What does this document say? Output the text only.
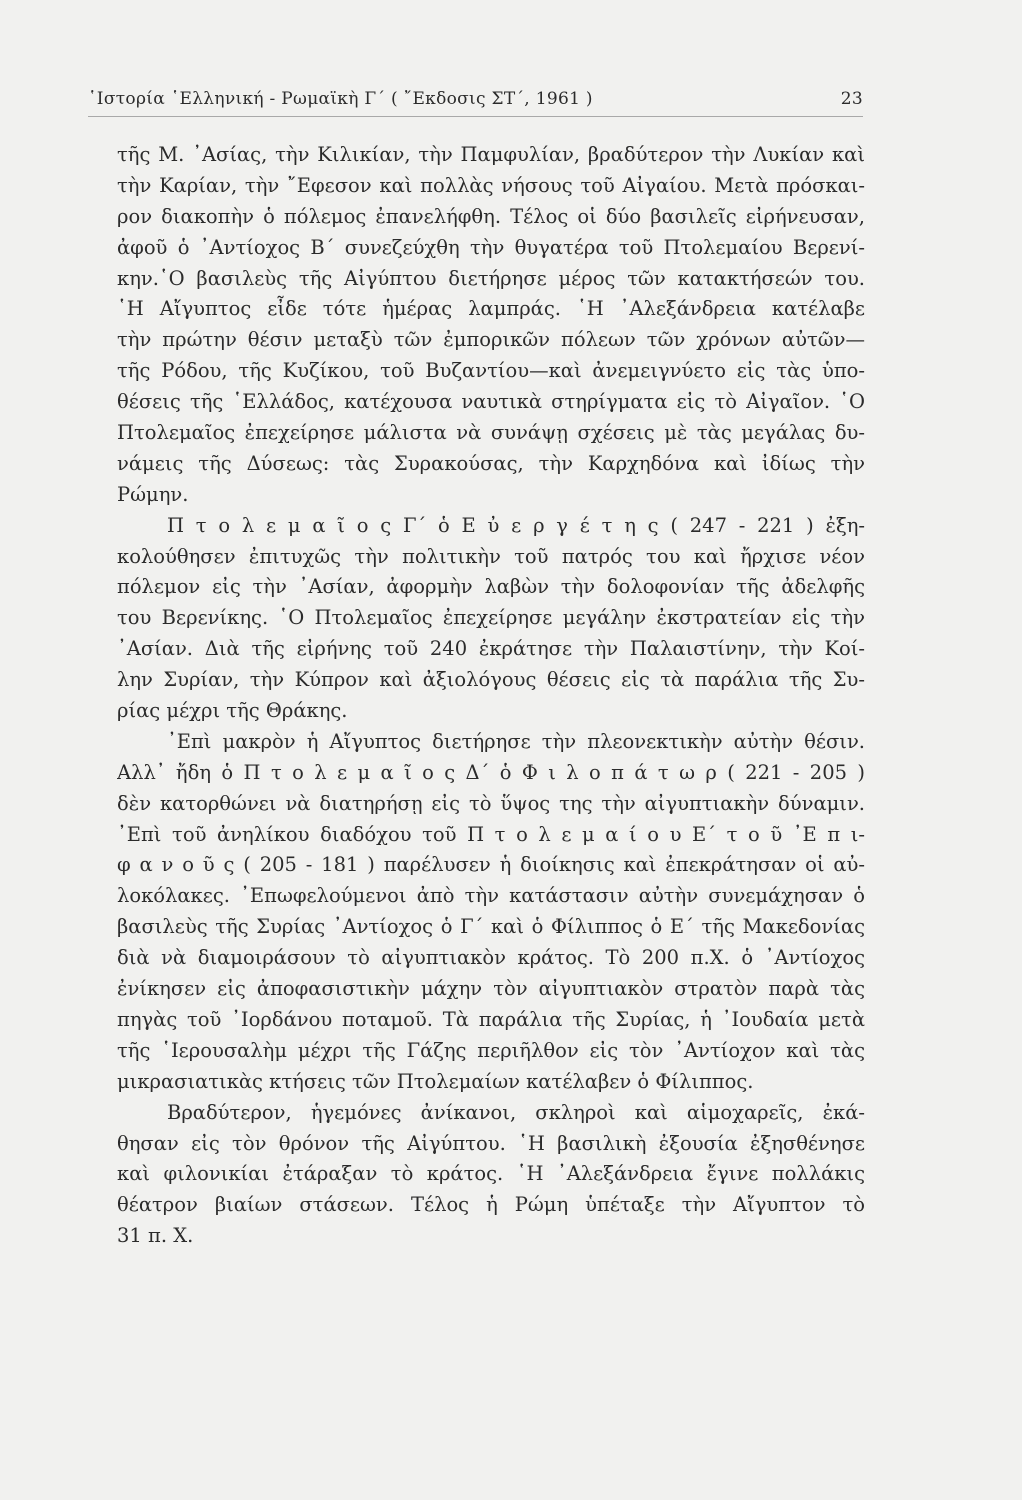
῾Ιστορία ῾Ελληνική - Ρωμαϊκὴ Γ´ ( ῎Εκδοσις ΣΤ´, 1961 )	23
τῆς Μ. ᾿Ασίας, τὴν Κιλικίαν, τὴν Παμφυλίαν, βραδύτερον τὴν Λυκίαν καὶ
τὴν Καρίαν, τὴν ῎Εφεσον καὶ πολλὰς νήσους τοῦ Αἰγαίου. Μετὰ πρόσκαι-
ρον διακοπὴν ὁ πόλεμος ἐπανελήφθη. Τέλος οἱ δύο βασιλεῖς εἰρήνευσαν,
ἀφοῦ ὁ ᾿Αντίοχος Β´ συνεζεύχθη τὴν θυγατέρα τοῦ Πτολεμαίου Βερενί-
κην.῾Ο βασιλεὺς τῆς Αἰγύπτου διετήρησε μέρος τῶν κατακτήσεών του.
῾Η Αἴγυπτος εἶδε τότε ἡμέρας λαμπράς. ῾Η ᾿Αλεξάνδρεια κατέλαβε
τὴν πρώτην θέσιν μεταξὺ τῶν ἐμπορικῶν πόλεων τῶν χρόνων αὐτῶν—
τῆς Ρόδου, τῆς Κυζίκου, τοῦ Βυζαντίου—καὶ ἀνεμειγνύετο εἰς τὰς ὑπο-
θέσεις τῆς ῾Ελλάδος, κατέχουσα ναυτικὰ στηρίγματα εἰς τὸ Αἰγαῖον. ῾Ο
Πτολεμαῖος ἐπεχείρησε μάλιστα νὰ συνάψῃ σχέσεις μὲ τὰς μεγάλας δυ-
νάμεις τῆς Δύσεως: τὰς Συρακούσας, τὴν Καρχηδόνα καὶ ἰδίως τὴν
Ρώμην.
Π τ ο λ ε μ α ῖ ο ς Γ´ ὁ Ε ὐ ε ρ γ έ τ η ς ( 247 - 221 ) ἐξη-
κολούθησεν ἐπιτυχῶς τὴν πολιτικὴν τοῦ πατρός του καὶ ἤρχισε νέον
πόλεμον εἰς τὴν ᾿Ασίαν, ἀφορμὴν λαβὼν τὴν δολοφονίαν τῆς ἀδελφῆς
του Βερενίκης. ῾Ο Πτολεμαῖος ἐπεχείρησε μεγάλην ἐκστρατείαν εἰς τὴν
᾿Ασίαν. Διὰ τῆς εἰρήνης τοῦ 240 ἐκράτησε τὴν Παλαιστίνην, τὴν Κοί-
λην Συρίαν, τὴν Κύπρον καὶ ἀξιολόγους θέσεις εἰς τὰ παράλια τῆς Συ-
ρίας μέχρι τῆς Θράκης.
᾿Επὶ μακρὸν ἡ Αἴγυπτος διετήρησε τὴν πλεονεκτικὴν αὐτὴν θέσιν.
Αλλ᾿ ἤδη ὁ Π τ ο λ ε μ α ῖ ο ς Δ´ ὁ Φ ι λ ο π ά τ ω ρ ( 221 - 205 )
δὲν κατορθώνει νὰ διατηρήσῃ εἰς τὸ ὕψος της τὴν αἰγυπτιακὴν δύναμιν.
᾿Επὶ τοῦ ἀνηλίκου διαδόχου τοῦ Π τ ο λ ε μ α ί ο υ Ε´ τ ο ῦ ᾿Ε π ι-
φ α ν ο ῦ ς ( 205 - 181 ) παρέλυσεν ἡ διοίκησις καὶ ἐπεκράτησαν οἱ αὐ-
λοκόλακες. ᾿Επωφελούμενοι ἀπὸ τὴν κατάστασιν αὐτὴν συνεμάχησαν ὁ
βασιλεὺς τῆς Συρίας ᾿Αντίοχος ὁ Γ´ καὶ ὁ Φίλιππος ὁ Ε´ τῆς Μακεδονίας
διὰ νὰ διαμοιράσουν τὸ αἰγυπτιακὸν κράτος. Τὸ 200 π.Χ. ὁ ᾿Αντίοχος
ἐνίκησεν εἰς ἀποφασιστικὴν μάχην τὸν αἰγυπτιακὸν στρατὸν παρὰ τὰς
πηγὰς τοῦ ᾿Ιορδάνου ποταμοῦ. Τὰ παράλια τῆς Συρίας, ἡ ᾿Ιουδαία μετὰ
τῆς ῾Ιερουσαλὴμ μέχρι τῆς Γάζης περιῆλθον εἰς τὸν ᾿Αντίοχον καὶ τὰς
μικρασιατικὰς κτήσεις τῶν Πτολεμαίων κατέλαβεν ὁ Φίλιππος.
Βραδύτερον, ἡγεμόνες ἀνίκανοι, σκληροὶ καὶ αἱμοχαρεῖς, ἐκά-
θησαν εἰς τὸν θρόνον τῆς Αἰγύπτου. ῾Η βασιλικὴ ἐξουσία ἐξησθένησε
καὶ φιλονικίαι ἐτάραξαν τὸ κράτος. ῾Η ᾿Αλεξάνδρεια ἔγινε πολλάκις
θέατρον βιαίων στάσεων. Τέλος ἡ Ρώμη ὑπέταξε τὴν Αἴγυπτον τὸ
31 π. Χ.
